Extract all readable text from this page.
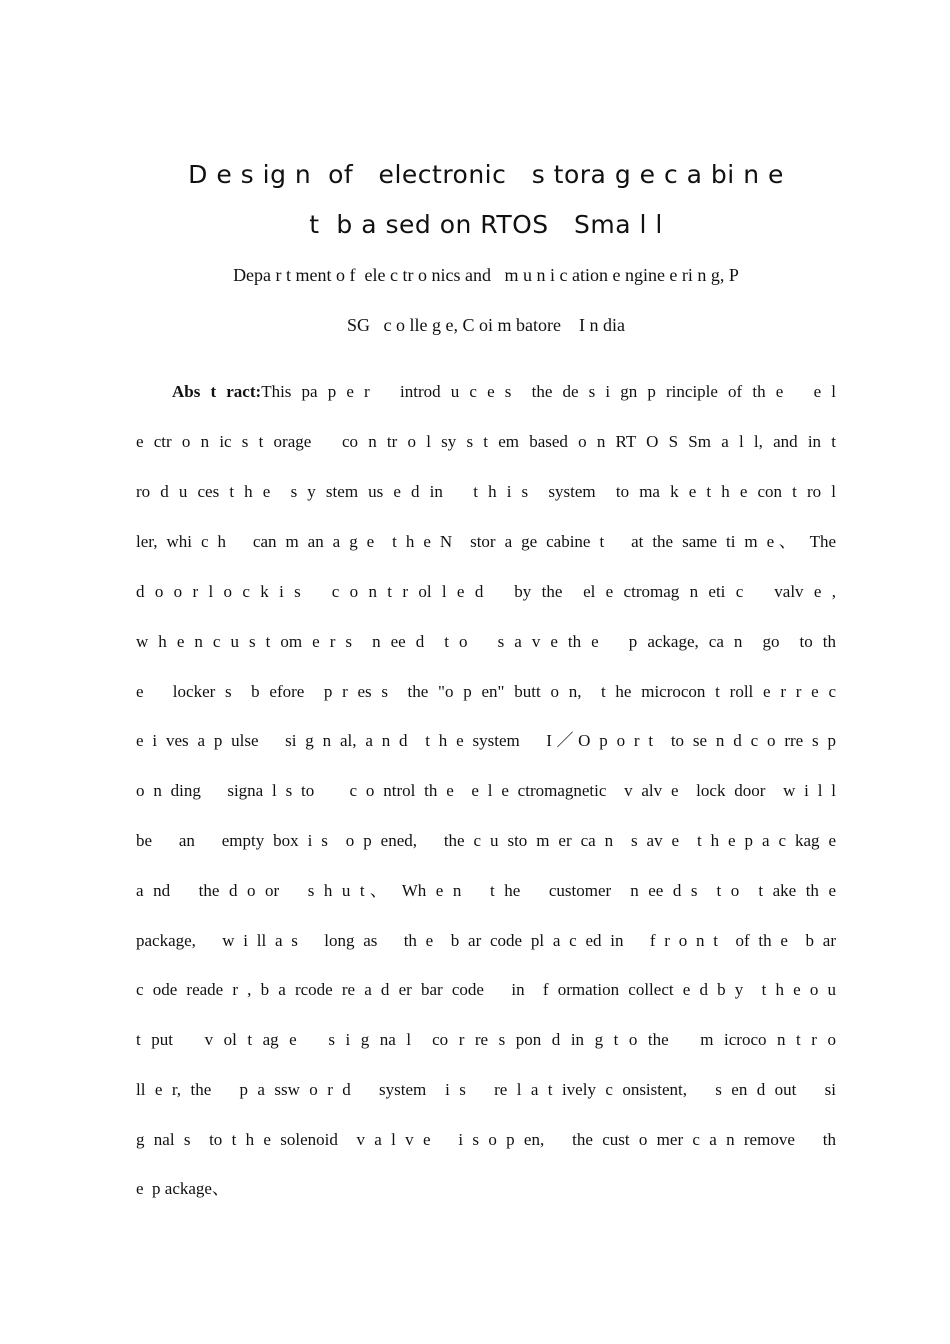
D e s ig n  of   electronic   s tora g e c a bi n e
t  b a sed on RTOS   Sma l l
Depa r t ment o f  ele c tr o nics and   m u n i c ation e ngine e ri n g, P
SG   c o lle g e, C oi m batore    I n dia
Abs t ract:This pa p e r   introd u c e s  the de s i gn p rinciple of th e   e l
e ctr o n ic s t orage   co n tr o l sy s t em based o n RT O S Sm a l l, and in t
ro d u ces t h e  s y stem us e d in   t h i s  system  to ma k e t h e con t ro l
ler, whi c h   can m an a g e  t h e N  stor a ge cabine t   at the same ti m e、 The
d o o r l o c k i s   c o n t r ol l e d   by the  el e ctromag n eti c   valv e ,
w h e n c u s t om e r s  n ee d  t o   s a v e th e   p ackage, ca n  go  to th
e   locker s  b efore  p r es s  the "o p en" butt o n,  t he microcon t roll e r r e c
e i ves a p ulse   si g n al, a n d  t h e system   I／O p o r t  to se n d c o rre s p
o n ding   signa l s to    c o ntrol th e  e l e ctromagnetic  v alv e  lock door  w i l l
be   an   empty box i s  o p ened,   the c u sto m er ca n  s av e  t h e p a c kag e
a nd   the d o or   s h u t、 Wh e n   t he   customer  n ee d s  t o  t ake th e
package,   w i ll a s   long as   th e  b ar code pl a c ed in   f r o n t  of th e  b ar
c ode reade r , b a rcode re a d er bar code   in  f ormation collect e d b y  t h e o u
t put   v ol t ag e   s i g na l  co r re s pon d in g t o the   m icroco n t r o
ll e r, the   p a ssw o r d   system  i s   re l a t ively c onsistent,   s en d out   si
g nal s  to t h e solenoid  v a l v e   i s o p en,   the cust o mer c a n remove   th
e  p ackage、
